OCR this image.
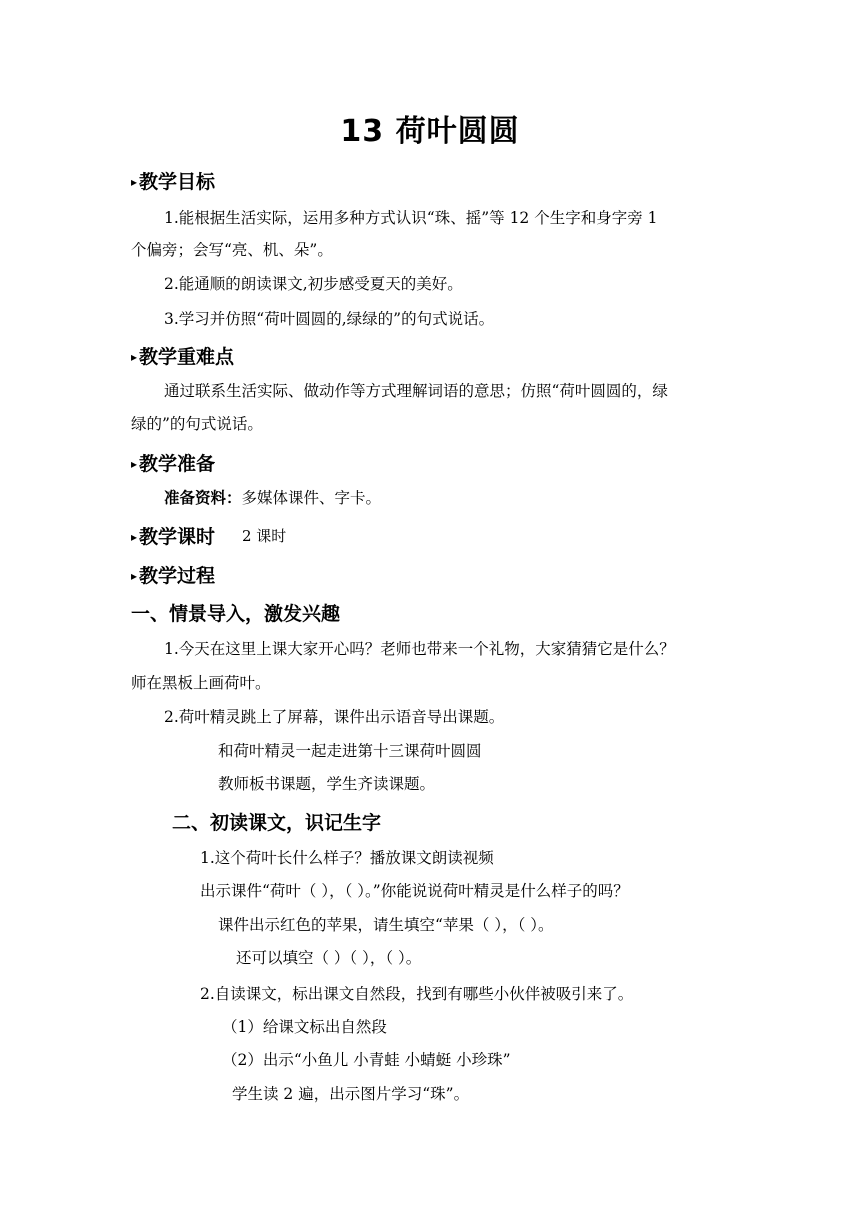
13 荷叶圆圆
▸ 教学目标
1.能根据生活实际，运用多种方式认识“珠、摇”等 12 个生字和身字旁 1
个偏旁；会写“亮、机、朵”。
2.能通顺的朗读课文,初步感受夏天的美好。
3.学习并仿照“荷叶圆圆的,绿绿的”的句式说话。
▸ 教学重难点
通过联系生活实际、做动作等方式理解词语的意思；仿照“荷叶圆圆的，绿
绿的”的句式说话。
▸ 教学准备
准备资料：多媒体课件、字卡。
▸ 教学课时 2 课时
▸ 教学过程
一、情景导入，激发兴趣
1.今天在这里上课大家开心吗？老师也带来一个礼物，大家猜猜它是什么？
师在黑板上画荷叶。
2.荷叶精灵跳上了屏幕，课件出示语音导出课题。
和荷叶精灵一起走进第十三课荷叶圆圆
教师板书课题，学生齐读课题。
二、初读课文，识记生字
1.这个荷叶长什么样子？播放课文朗读视频
出示课件“荷叶（ ），（ ）。”你能说说荷叶精灵是什么样子的吗？
课件出示红色的苹果，请生填空“苹果（ ），（ ）。
还可以填空（ ）（ ），（ ）。
2.自读课文，标出课文自然段，找到有哪些小伙伴被吸引来了。
（1）给课文标出自然段
（2）出示“小鱼儿 小青蛙 小蜻蜓 小珍珠”
学生读 2 遍，出示图片学习“珠”。
